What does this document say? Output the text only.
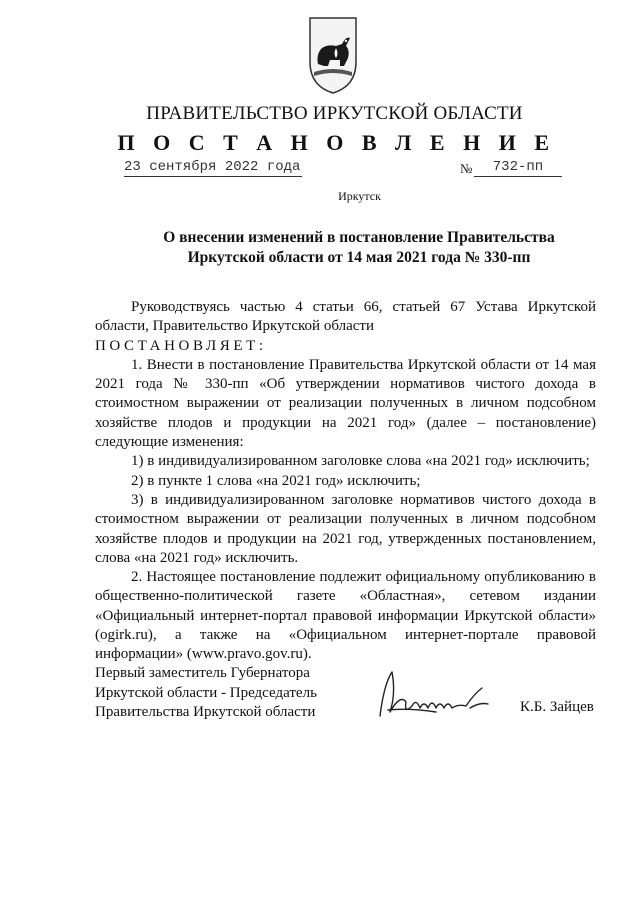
ПРАВИТЕЛЬСТВО ИРКУТСКОЙ ОБЛАСТИ
П О С Т А Н О В Л Е Н И Е
23 сентября 2022 года	№	732-пп
Иркутск
О внесении изменений в постановление Правительства Иркутской области от 14 мая 2021 года № 330-пп

Руководствуясь частью 4 статьи 66, статьей 67 Устава Иркутской области, Правительство Иркутской области

ПОСТАНОВЛЯЕТ:

1. Внести в постановление Правительства Иркутской области от 14 мая 2021 года № 330-пп «Об утверждении нормативов чистого дохода в стоимостном выражении от реализации полученных в личном подсобном хозяйстве плодов и продукции на 2021 год» (далее – постановление) следующие изменения:

1) в индивидуализированном заголовке слова «на 2021 год» исключить;

2) в пункте 1 слова «на 2021 год» исключить;

3) в индивидуализированном заголовке нормативов чистого дохода в стоимостном выражении от реализации полученных в личном подсобном хозяйстве плодов и продукции на 2021 год, утвержденных постановлением, слова «на 2021 год» исключить.

2. Настоящее постановление подлежит официальному опубликованию в общественно-политической газете «Областная», сетевом издании «Официальный интернет-портал правовой информации Иркутской области» (ogirk.ru), а также на «Официальном интернет-портале правовой информации» (www.pravo.gov.ru).

Первый заместитель Губернатора
Иркутской области - Председатель
Правительства Иркутской области	К.Б. Зайцев
